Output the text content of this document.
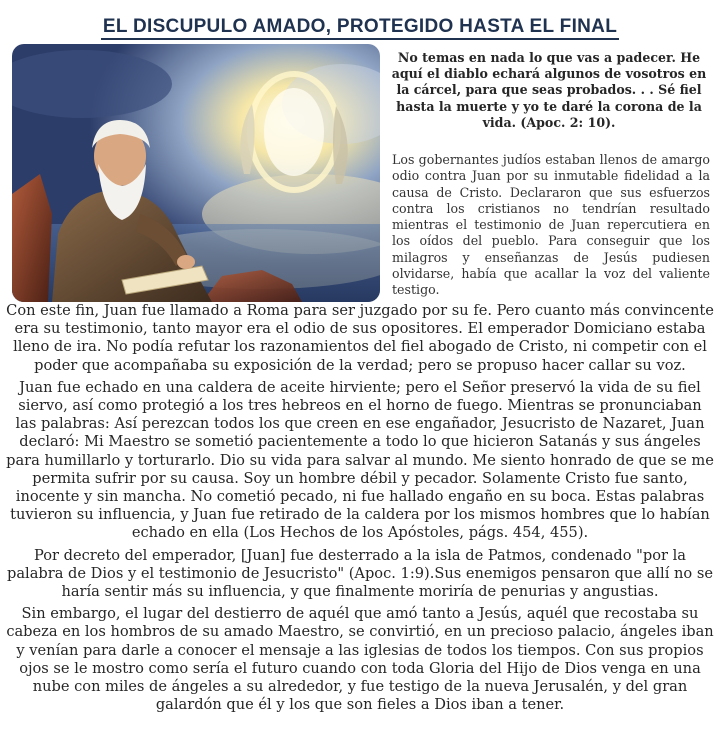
EL DISCUPULO AMADO, PROTEGIDO HASTA EL FINAL
No temas en nada lo que vas a padecer. He aquí el diablo echará algunos de vosotros en la cárcel, para que seas probados. . . Sé fiel hasta la muerte y yo te daré la corona de la vida. (Apoc. 2: 10).
Los gobernantes judíos estaban llenos de amargo odio contra Juan por su inmutable fidelidad a la causa de Cristo. Declararon que sus esfuerzos contra los cristianos no tendrían resultado mientras el testimonio de Juan repercutiera en los oídos del pueblo. Para conseguir que los milagros y enseñanzas de Jesús pudiesen olvidarse, había que acallar la voz del valiente testigo.

Con este fin, Juan fue llamado a Roma para ser juzgado por su fe. Pero cuanto más convincente era su testimonio, tanto mayor era el odio de sus opositores. El emperador Domiciano estaba lleno de ira. No podía refutar los razonamientos del fiel abogado de Cristo, ni competir con el poder que acompañaba su exposición de la verdad; pero se propuso hacer callar su voz.

Juan fue echado en una caldera de aceite hirviente; pero el Señor preservó la vida de su fiel siervo, así como protegió a los tres hebreos en el horno de fuego. Mientras se pronunciaban las palabras: Así perezcan todos los que creen en ese engañador, Jesucristo de Nazaret, Juan declaró: Mi Maestro se sometió pacientemente a todo lo que hicieron Satanás y sus ángeles para humillarlo y torturarlo. Dio su vida para salvar al mundo. Me siento honrado de que se me permita sufrir por su causa. Soy un hombre débil y pecador. Solamente Cristo fue santo, inocente y sin mancha. No cometió pecado, ni fue hallado engaño en su boca. Estas palabras tuvieron su influencia, y Juan fue retirado de la caldera por los mismos hombres que lo habían echado en ella (Los Hechos de los Apóstoles, págs. 454, 455).

Por decreto del emperador, [Juan] fue desterrado a la isla de Patmos, condenado "por la palabra de Dios y el testimonio de Jesucristo" (Apoc. 1:9).Sus enemigos pensaron que allí no se haría sentir más su influencia, y que finalmente moriría de penurias y angustias.

Sin embargo, el lugar del destierro de aquél que amó tanto a Jesús, aquél que recostaba su cabeza en los hombros de su amado Maestro, se convirtió, en un precioso palacio, ángeles iban y venían para darle a conocer el mensaje a las iglesias de todos los tiempos. Con sus propios ojos se le mostro como sería el futuro cuando con toda Gloria del Hijo de Dios venga en una nube con miles de ángeles a su alrededor, y fue testigo de la nueva Jerusalén, y del gran galardón que él y los que son fieles a Dios iban a tener.
